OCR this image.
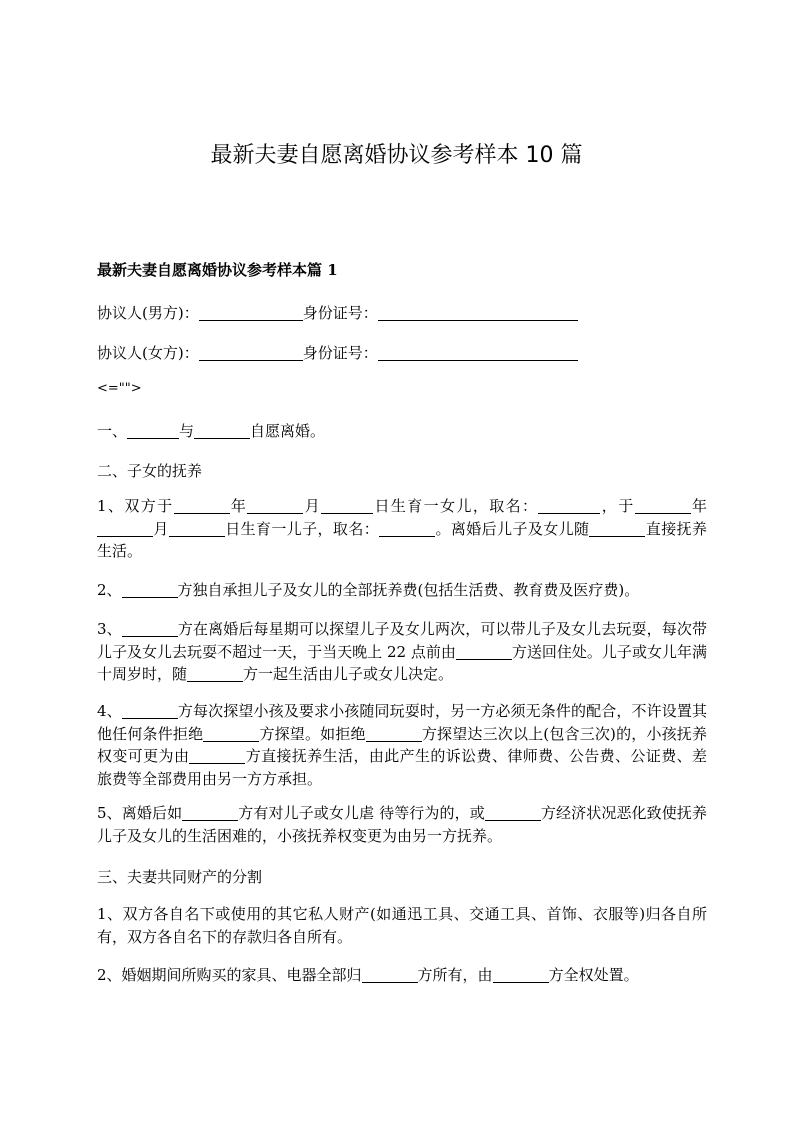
最新夫妻自愿离婚协议参考样本 10 篇
最新夫妻自愿离婚协议参考样本篇 1
协议人(男方)：	身份证号：
协议人(女方)：	身份证号：
<="">
一、	与	自愿离婚。
二、子女的抚养
1、双方于	年	月	日生育一女儿，取名：	，于	年月	日生育一儿子，取名：	。离婚后儿子及女儿随	直接抚养生活。
2、	方独自承担儿子及女儿的全部抚养费(包括生活费、教育费及医疗费)。
3、	方在离婚后每星期可以探望儿子及女儿两次，可以带儿子及女儿去玩耍，每次带儿子及女儿去玩耍不超过一天，于当天晚上 22 点前由	方送回住处。儿子或女儿年满十周岁时，随	方一起生活由儿子或女儿决定。
4、	方每次探望小孩及要求小孩随同玩耍时，另一方必须无条件的配合，不许设置其他任何条件拒绝	方探望。如拒绝	方探望达三次以上(包含三次)的，小孩抚养权变可更为由	方直接抚养生活，由此产生的诉讼费、律师费、公告费、公证费、差旅费等全部费用由另一方方承担。
5、离婚后如	方有对儿子或女儿虐 待等行为的，或	方经济状况恶化致使抚养儿子及女儿的生活困难的，小孩抚养权变更为由另一方抚养。
三、夫妻共同财产的分割
1、双方各自名下或使用的其它私人财产(如通迅工具、交通工具、首饰、衣服等)归各自所有，双方各自名下的存款归各自所有。
2、婚姻期间所购买的家具、电器全部归	方所有，由	方全权处置。
